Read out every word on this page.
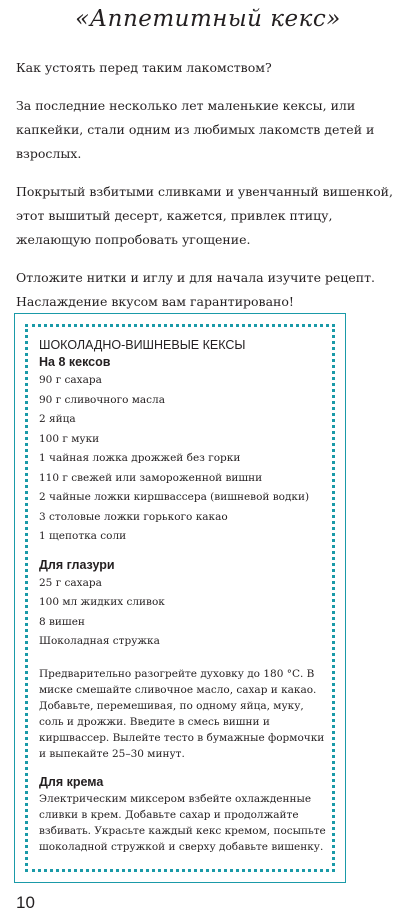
«Аппетитный кекс»

Как устоять перед таким лакомством?

За последние несколько лет маленькие кексы, или капкейки, стали одним из любимых лакомств детей и взрослых.

Покрытый взбитыми сливками и увенчанный вишенкой, этот вышитый десерт, кажется, привлек птицу, желающую попробовать угощение.

Отложите нитки и иглу и для начала изучите рецепт. Наслаждение вкусом вам гарантировано!

ШОКОЛАДНО-ВИШНЕВЫЕ КЕКСЫ
На 8 кексов
90 г сахара
90 г сливочного масла
2 яйца
100 г муки
1 чайная ложка дрожжей без горки
110 г свежей или замороженной вишни
2 чайные ложки киршвассера (вишневой водки)
3 столовые ложки горького какао
1 щепотка соли
Для глазури
25 г сахара
100 мл жидких сливок
8 вишен
Шоколадная стружка

Предварительно разогрейте духовку до 180 °С. В миске смешайте сливочное масло, сахар и какао. Добавьте, перемешивая, по одному яйца, муку, соль и дрожжи. Введите в смесь вишни и киршвассер. Вылейте тесто в бумажные формочки и выпекайте 25–30 минут.

Для крема

Электрическим миксером взбейте охлажденные сливки в крем. Добавьте сахар и продолжайте взбивать. Украсьте каждый кекс кремом, посыпьте шоколадной стружкой и сверху добавьте вишенку.

10
